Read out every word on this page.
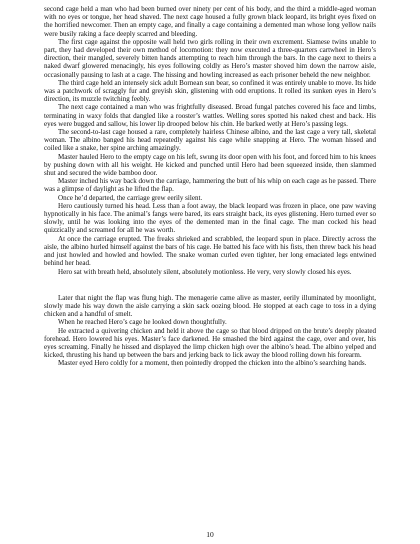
second cage held a man who had been burned over ninety per cent of his body, and the third a middle-aged woman with no eyes or tongue, her head shaved. The next cage housed a fully grown black leopard, its bright eyes fixed on the horrified newcomer. Then an empty cage, and finally a cage containing a demented man whose long yellow nails were busily raking a face deeply scarred and bleeding.

The first cage against the opposite wall held two girls rolling in their own excrement. Siamese twins unable to part, they had developed their own method of locomotion: they now executed a three-quarters cartwheel in Hero’s direction, their mangled, severely bitten hands attempting to reach him through the bars. In the cage next to theirs a naked dwarf glowered menacingly, his eyes following coldly as Hero’s master shoved him down the narrow aisle, occasionally pausing to lash at a cage. The hissing and howling increased as each prisoner beheld the new neighbor.

The third cage held an intensely sick adult Bornean sun bear, so confined it was entirely unable to move. Its hide was a patchwork of scraggly fur and greyish skin, glistening with odd eruptions. It rolled its sunken eyes in Hero’s direction, its muzzle twitching feebly.

The next cage contained a man who was frightfully diseased. Broad fungal patches covered his face and limbs, terminating in waxy folds that dangled like a rooster’s wattles. Welling sores spotted his naked chest and back. His eyes were bugged and sallow, his lower lip drooped below his chin. He barked wetly at Hero’s passing legs.

The second-to-last cage housed a rare, completely hairless Chinese albino, and the last cage a very tall, skeletal woman. The albino banged his head repeatedly against his cage while snapping at Hero. The woman hissed and coiled like a snake, her spine arching amazingly.

Master hauled Hero to the empty cage on his left, swung its door open with his foot, and forced him to his knees by pushing down with all his weight. He kicked and punched until Hero had been squeezed inside, then slammed shut and secured the wide bamboo door.

Master inched his way back down the carriage, hammering the butt of his whip on each cage as he passed. There was a glimpse of daylight as he lifted the flap.

Once he’d departed, the carriage grew eerily silent.

Hero cautiously turned his head. Less than a foot away, the black leopard was frozen in place, one paw waving hypnotically in his face. The animal’s fangs were bared, its ears straight back, its eyes glistening. Hero turned ever so slowly, until he was looking into the eyes of the demented man in the final cage. The man cocked his head quizzically and screamed for all he was worth.

At once the carriage erupted. The freaks shrieked and scrabbled, the leopard spun in place. Directly across the aisle, the albino hurled himself against the bars of his cage. He batted his face with his fists, then threw back his head and just howled and howled and howled. The snake woman curled even tighter, her long emaciated legs entwined behind her head.

Hero sat with breath held, absolutely silent, absolutely motionless. He very, very slowly closed his eyes.

Later that night the flap was flung high. The menagerie came alive as master, eerily illuminated by moonlight, slowly made his way down the aisle carrying a skin sack oozing blood. He stopped at each cage to toss in a dying chicken and a handful of smelt.

When he reached Hero’s cage he looked down thoughtfully.

He extracted a quivering chicken and held it above the cage so that blood dripped on the brute’s deeply pleated forehead. Hero lowered his eyes. Master’s face darkened. He smashed the bird against the cage, over and over, his eyes screaming. Finally he hissed and displayed the limp chicken high over the albino’s head. The albino yelped and kicked, thrusting his hand up between the bars and jerking back to lick away the blood rolling down his forearm.

Master eyed Hero coldly for a moment, then pointedly dropped the chicken into the albino’s searching hands.

10
